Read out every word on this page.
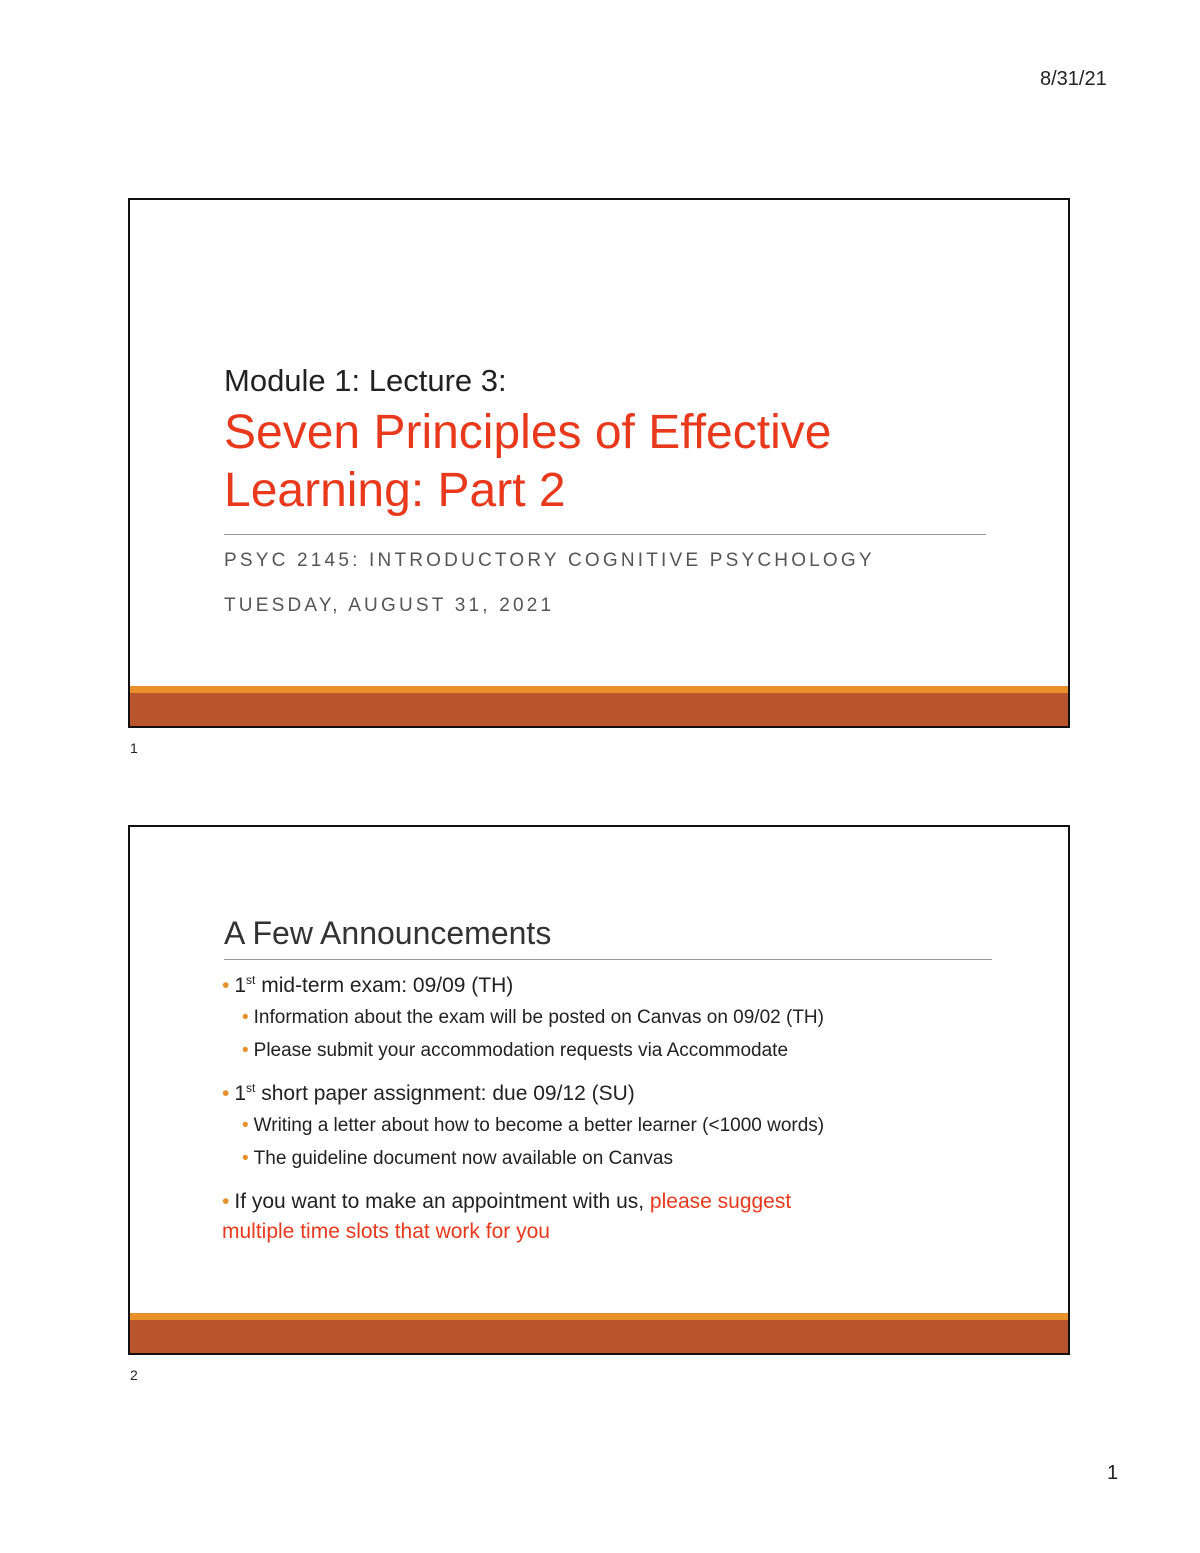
8/31/21
Module 1: Lecture 3:
Seven Principles of Effective
Learning: Part 2
PSYC 2145: INTRODUCTORY COGNITIVE PSYCHOLOGY
TUESDAY, AUGUST 31, 2021
1
A Few Announcements
• 1st mid-term exam: 09/09 (TH)
• Information about the exam will be posted on Canvas on 09/02 (TH)
• Please submit your accommodation requests via Accommodate
• 1st short paper assignment: due 09/12 (SU)
• Writing a letter about how to become a better learner (<1000 words)
• The guideline document now available on Canvas
• If you want to make an appointment with us, please suggest
multiple time slots that work for you
2
1
